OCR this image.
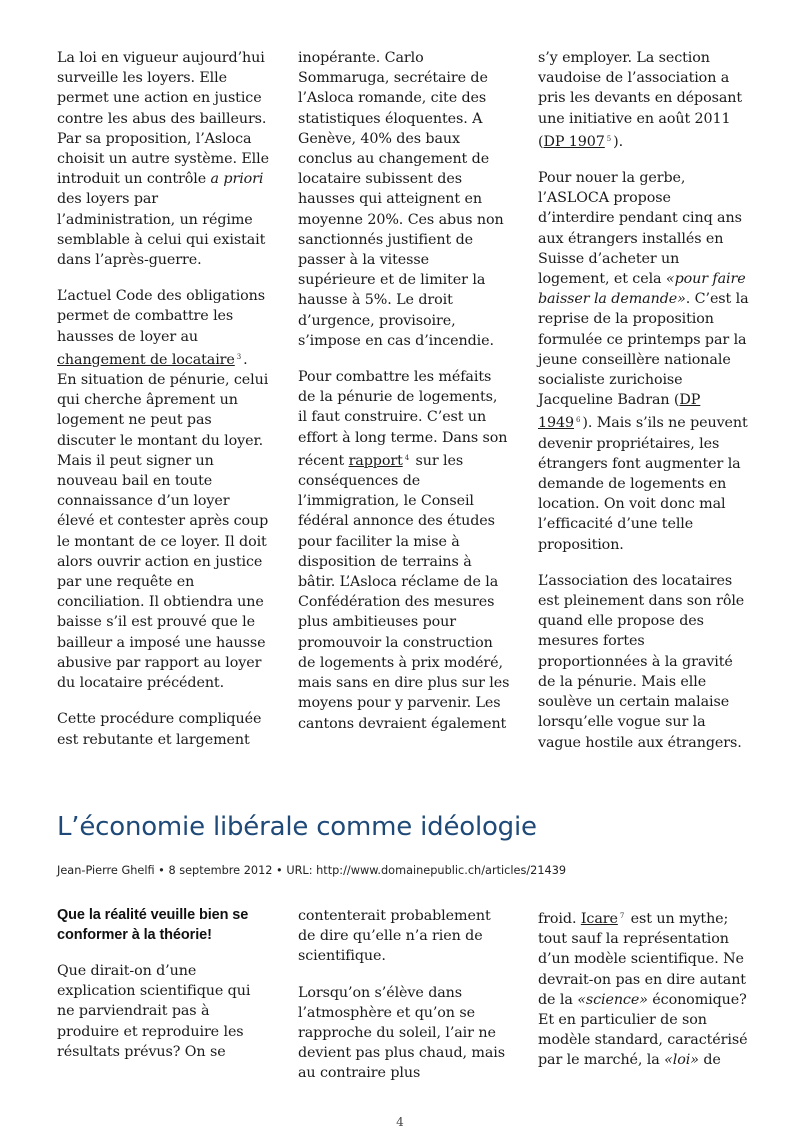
La loi en vigueur aujourd’hui surveille les loyers. Elle permet une action en justice contre les abus des bailleurs. Par sa proposition, l’Asloca choisit un autre système. Elle introduit un contrôle a priori des loyers par l’administration, un régime semblable à celui qui existait dans l’après-guerre.

L’actuel Code des obligations permet de combattre les hausses de loyer au changement de locataire $^3$ . En situation de pénurie, celui qui cherche âprement un logement ne peut pas discuter le montant du loyer. Mais il peut signer un nouveau bail en toute connaissance d’un loyer élevé et contester après coup le montant de ce loyer. Il doit alors ouvrir action en justice par une requête en conciliation. Il obtiendra une baisse s’il est prouvé que le bailleur a imposé une hausse abusive par rapport au loyer du locataire précédent.

Cette procédure compliquée est rebutante et largement

inopérante. Carlo Sommaruga, secrétaire de l’Asloca romande, cite des statistiques éloquentes. A Genève, 40% des baux conclus au changement de locataire subissent des hausses qui atteignent en moyenne 20%. Ces abus non sanctionnés justifient de passer à la vitesse supérieure et de limiter la hausse à 5%. Le droit d’urgence, provisoire, s’impose en cas d’incendie.

Pour combattre les méfaits de la pénurie de logements, il faut construire. C’est un effort à long terme. Dans son récent rapport $^4$ sur les conséquences de l’immigration, le Conseil fédéral annonce des études pour faciliter la mise à disposition de terrains à bâtir. L’Asloca réclame de la Confédération des mesures plus ambitieuses pour promouvoir la construction de logements à prix modéré, mais sans en dire plus sur les moyens pour y parvenir. Les cantons devraient également

s’y employer. La section vaudoise de l’association a pris les devants en déposant une initiative en août 2011 (DP 1907 $^5$ ).

Pour nouer la gerbe, l’ASLOCA propose d’interdire pendant cinq ans aux étrangers installés en Suisse d’acheter un logement, et cela «pour faire baisser la demande». C’est la reprise de la proposition formulée ce printemps par la jeune conseillère nationale socialiste zurichoise Jacqueline Badran (DP 1949 $^6$ ). Mais s’ils ne peuvent devenir propriétaires, les étrangers font augmenter la demande de logements en location. On voit donc mal l’efficacité d’une telle proposition.

L’association des locataires est pleinement dans son rôle quand elle propose des mesures fortes proportionnées à la gravité de la pénurie. Mais elle soulève un certain malaise lorsqu’elle vogue sur la vague hostile aux étrangers.

L’économie libérale comme idéologie
Jean-Pierre Ghelfi • 8 septembre 2012 • URL: http://www.domainepublic.ch/articles/21439
Que la réalité veuille bien se conformer à la théorie!

Que dirait-on d’une explication scientifique qui ne parviendrait pas à produire et reproduire les résultats prévus? On se

contenterait probablement de dire qu’elle n’a rien de scientifique.

Lorsqu’on s’élève dans l’atmosphère et qu’on se rapproche du soleil, l’air ne devient pas plus chaud, mais au contraire plus

froid. Icare $^7$ est un mythe; tout sauf la représentation d’un modèle scientifique. Ne devrait-on pas en dire autant de la «science» économique? Et en particulier de son modèle standard, caractérisé par le marché, la «loi» de

4
